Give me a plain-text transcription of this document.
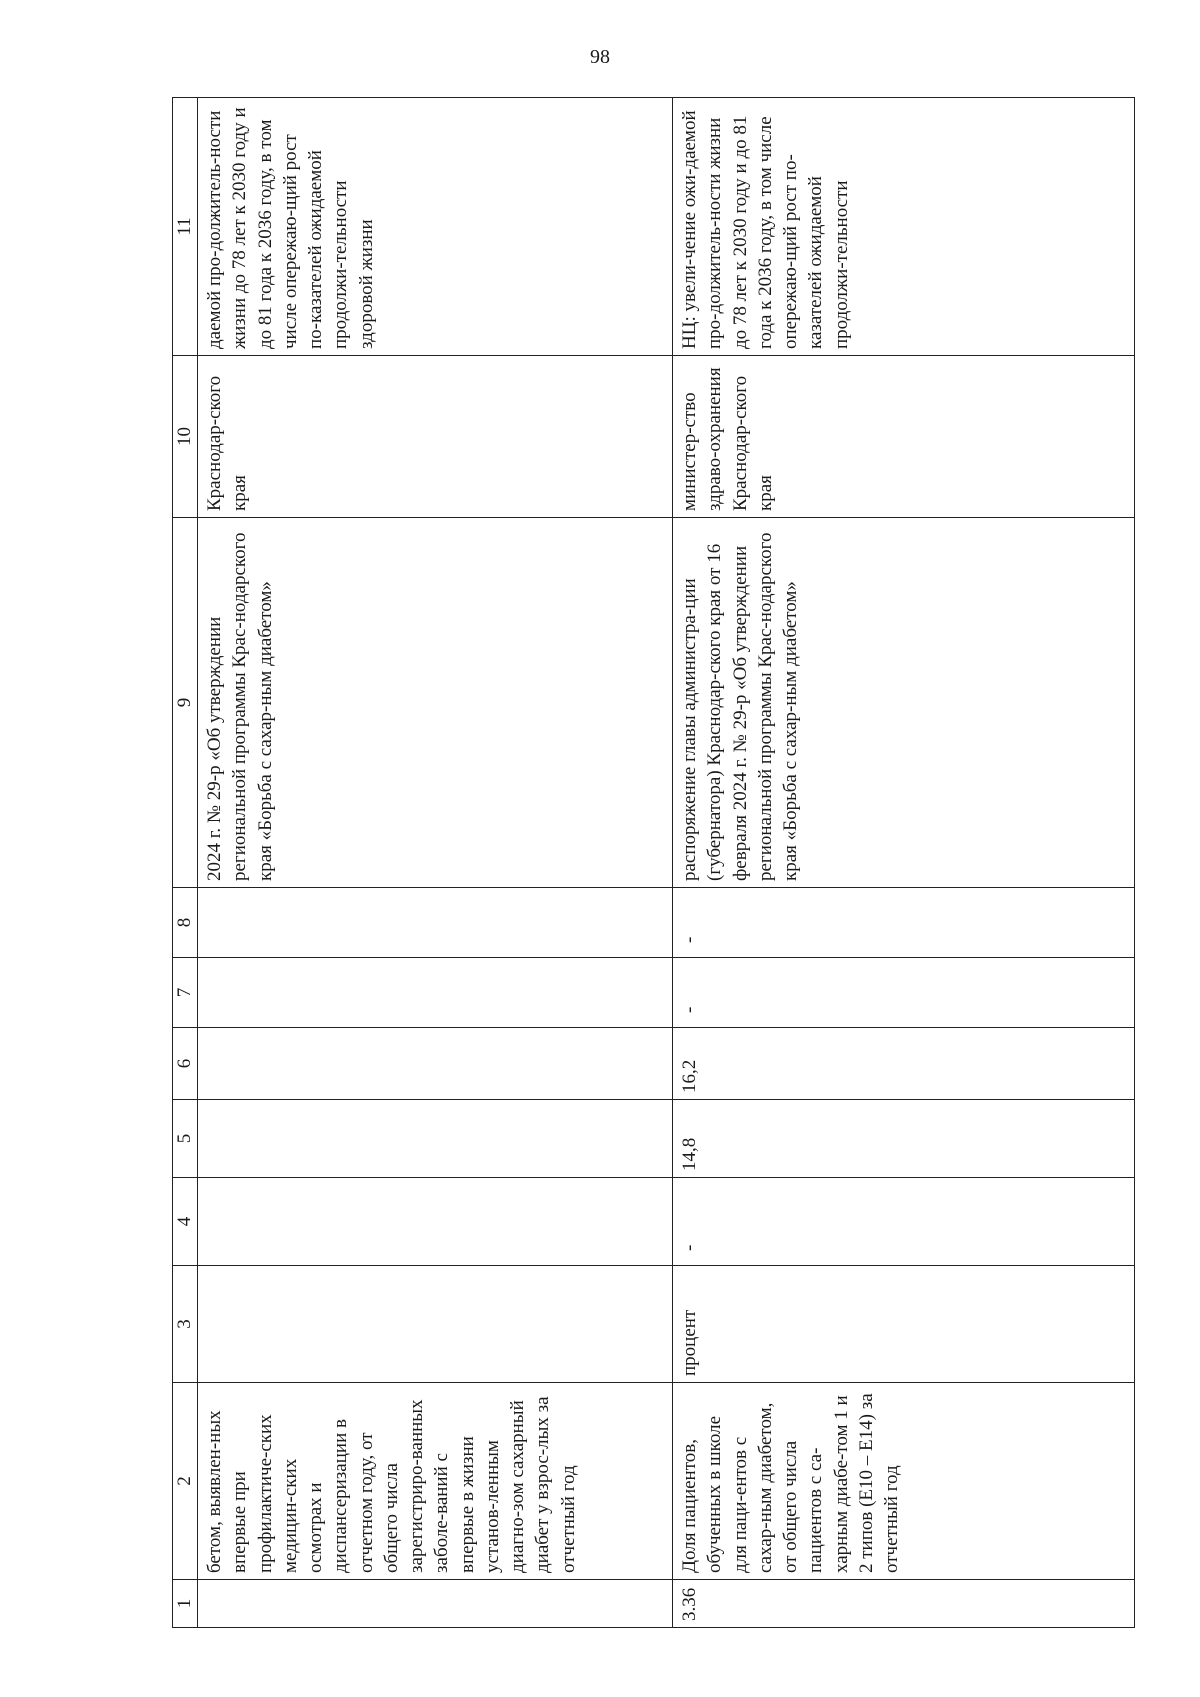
98
1	2	3	4	5	6	7	8	9	10	11
	бетом, выявлен-ных впервые при профилактиче-ских медицин-ских осмотрах и диспансеризации в отчетном году, от общего числа зарегистриро-ванных заболе-ваний с впервые в жизни установ-ленным диагно-зом сахарный диабет у взрос-лых за отчетный год							2024 г. № 29-р «Об утверждении региональной программы Крас-нодарского края «Борьба с сахар-ным диабетом»	Краснодар-ского края	даемой про-должитель-ности жизни до 78 лет к 2030 году и до 81 года к 2036 году, в том числе опережаю-щий рост по-казателей ожидаемой продолжи-тельности здоровой жизни
3.36	Доля пациентов, обученных в школе для паци-ентов с сахар-ным диабетом, от общего числа пациентов с са-харным диабе-том 1 и 2 типов (E10 – E14) за отчетный год	процент	-	14,8	16,2	-	-	распоряжение главы администра-ции (губернатора) Краснодар-ского края от 16 февраля 2024 г. № 29-р «Об утверждении региональной программы Крас-нодарского края «Борьба с сахар-ным диабетом»	министер-ство здраво-охранения Краснодар-ского края	НЦ: увели-чение ожи-даемой про-должитель-ности жизни до 78 лет к 2030 году и до 81 года к 2036 году, в том числе опережаю-щий рост по-казателей ожидаемой продолжи-тельности
